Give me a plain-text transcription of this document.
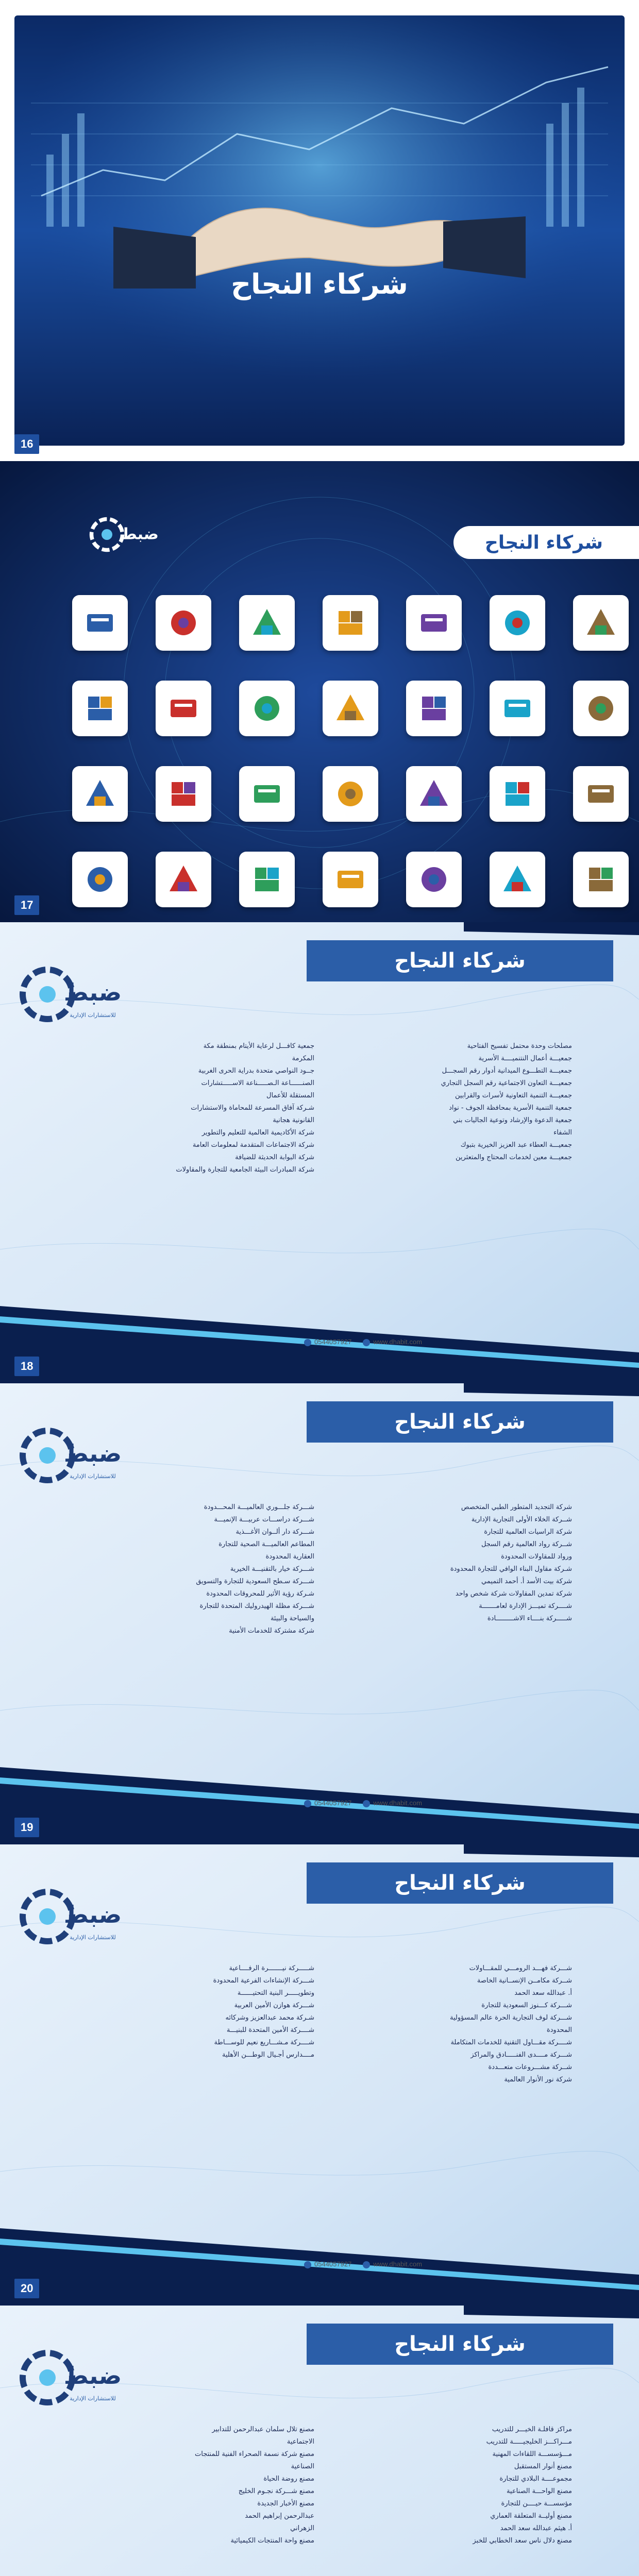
شركاء النجاح
16
ضبط	شركاء النجاح
17
شركاء النجاح
ضبط
للاستشارات الإدارية

مصلحات وحدة محتمل تفسيح الفتاحية

جمعيـــة أعمال النتنميــــة الأسرية

جمعيـــة التطـــوع الميدانية أدوار رقم السجـــل

جمعيـــة التعاون الاجتماعية رقم السجل التجاري

جمعيـــة التنمية التعاونية لأسرات والقرابين

جمعية التنمية الأسرية بمحافظة الجوف - نواد

جمعية الدعوة والإرشاد وتوعية الجاليات بني

الشفاء

جمعيـــة العطاء عبد العزيز الخيرية بتبوك

جمعيـــة معين لخدمات المحتاج والمتعثرين

جمعية كافـــل لرعاية الأيتام بمنطقة مكة

المكرمة

جــود النواصي متحدة بدراية الحرى الغربية

الصنــــــاعة الـصـــــناعة الاســـــتشارات

المستقلة للأعمال

شـركة آفاق المسرعة للمحاماة والاستشارات

القانونية هجانية

شركة الأكاديمية العالمية للتعليم والتطوير

شركة الاجتماعات المتقدمة لمعلومات العامة

شركة البوابة الحديثة للضيافة

شركة المبادرات البيئة الجامعية للتجارة والمقاولات

0544057927	www.dhabit.com
18
شركاء النجاح
ضبط
للاستشارات الإدارية

شركة التجديد المتطور الطبي المتخصص

شــركة الخلاء الأولى التجارية الإدارية

شركة الراسيات العالمية للتجارة

شــركة رواد العالمية رقم السجل

ورواد للمقاولات المحدودة

شـركة مقاول البناء الوافي للتجارة المحدودة

شركة بيت الأسد أ. أحمد التميمي

شركة تمدين المقاولات شركة شخص واحد

شــــركة تميـــز الإدارة لعامـــــــة

شـــــركة بنــــاء الاشـــــــــادة

شـــركة جلـــوري العالميـــة المحـــدودة

شـــركة دراســـات عربيـــة الإنميـــة

شـــركة دار ألــوان الأغـــذية

المطاعم العالميـــة الصحية للتجارة

العقارية المحدودة

شـــركة خيار بالتقنيـــة الخيرية

شـــركة سـطح السعودية للتجارة والتسويق

شـركة رؤية الأثير للمحروقات المحدودة

شـــركة مظلة الهيدروليك المتحدة للتجارة

والسياحة والبيئة

شركة مشتركة للخدمات الأمنية

0544057927	www.dhabit.com
19
شركاء النجاح
ضبط
للاستشارات الإدارية

شـــركة فهـــد الرومـــي للمقـــاولات

شــركة مكامــن الإنســانية الخاصة

أ. عبدالله سعد الحمد

شـــركة كـــنوز السعودية للتجارة

شـــركة لوف التجارية الحرة عالم المسؤولية

المحدودة

شــــركة مقـــاول التقنية للخدمات المتكاملة

شـــركة مــــدى الفنـــــادق والمراكز

شــركة مشـــروعات متعـــددة

شركة نور الأنوار العالمية

شـــــركة نيـــــــرة الرفــــاعية

شـــركة الإنشاءات الفرعية المحدودة

وتطويـــــر البنية التحتيــــــة

شـــركة هوازن الأمين العربية

شـركة محمد عبدالعزيز وشركائه

شــــركة الأمين المتحدة للبنيـــة

شــــركة مـشـــاريع نعيم للوســـاطة

مــــدارس أجـيال الوطـــن الأهلية

0544057927	www.dhabit.com
20
شركاء النجاح
ضبط
للاستشارات الإدارية

مراكز قافلـة الخيـــر للتدريب

مـــراكـــز الخليجيـــــة للتدريب

مـــؤسســـة اللقاءات المهنية

مصنع أنوار المستقبل

مجموعــــة البلادي للتجارة

مصنع الواحـــة الصناعية

مؤسســـة حيــــن للتجارة

مصنع أوليــة المتعلقة العماري

أ. هيثم عبدالله سعد الحمد

مصنع دلال ناس سعد الخطابي للخبز

مصنع تلال سلمان عبدالرحمن للتدابير

الاجتماعية

مصنع شركة نسمة الصحراء الفنية للمنتجات

الصناعية

مصنع روضة الحياة

مصنع شـــركة نجـوم الخليج

مصنع الأخبار الجديدة

عبدالرحمن إبراهيم الحمد

الزهراني

مصنع واحة المنتجات الكيميائية
